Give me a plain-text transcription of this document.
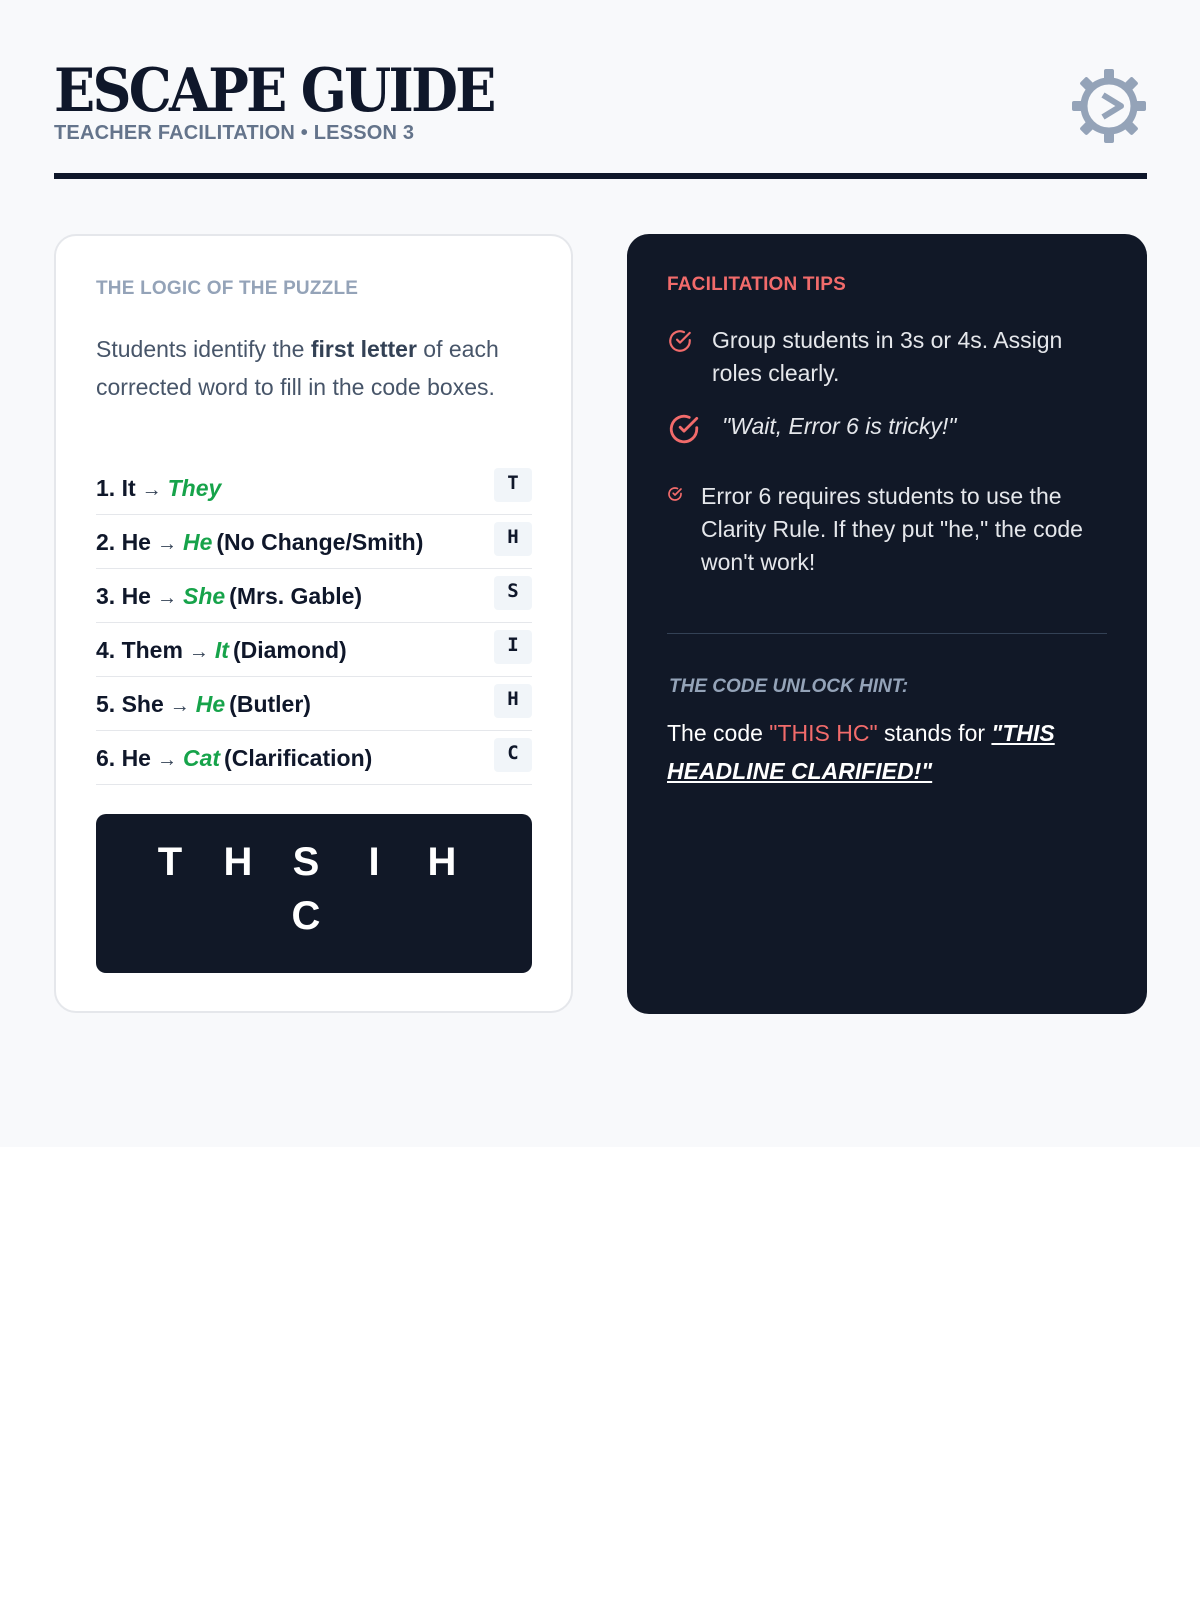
ESCAPE GUIDE
TEACHER FACILITATION • LESSON 3
THE LOGIC OF THE PUZZLE
Students identify the first letter of each corrected word to fill in the code boxes.
1. It → They	T
2. He → He (No Change/Smith)	H
3. He → She (Mrs. Gable)	S
4. Them → It (Diamond)	I
5. She → He (Butler)	H
6. He → Cat (Clarification)	C
T	H	S	I	H
C
FACILITATION TIPS
Group students in 3s or 4s. Assign roles clearly.
"Wait, Error 6 is tricky!"
Error 6 requires students to use the Clarity Rule. If they put "he," the code won't work!
THE CODE UNLOCK HINT:
The code "THIS HC" stands for "THIS HEADLINE CLARIFIED!"
